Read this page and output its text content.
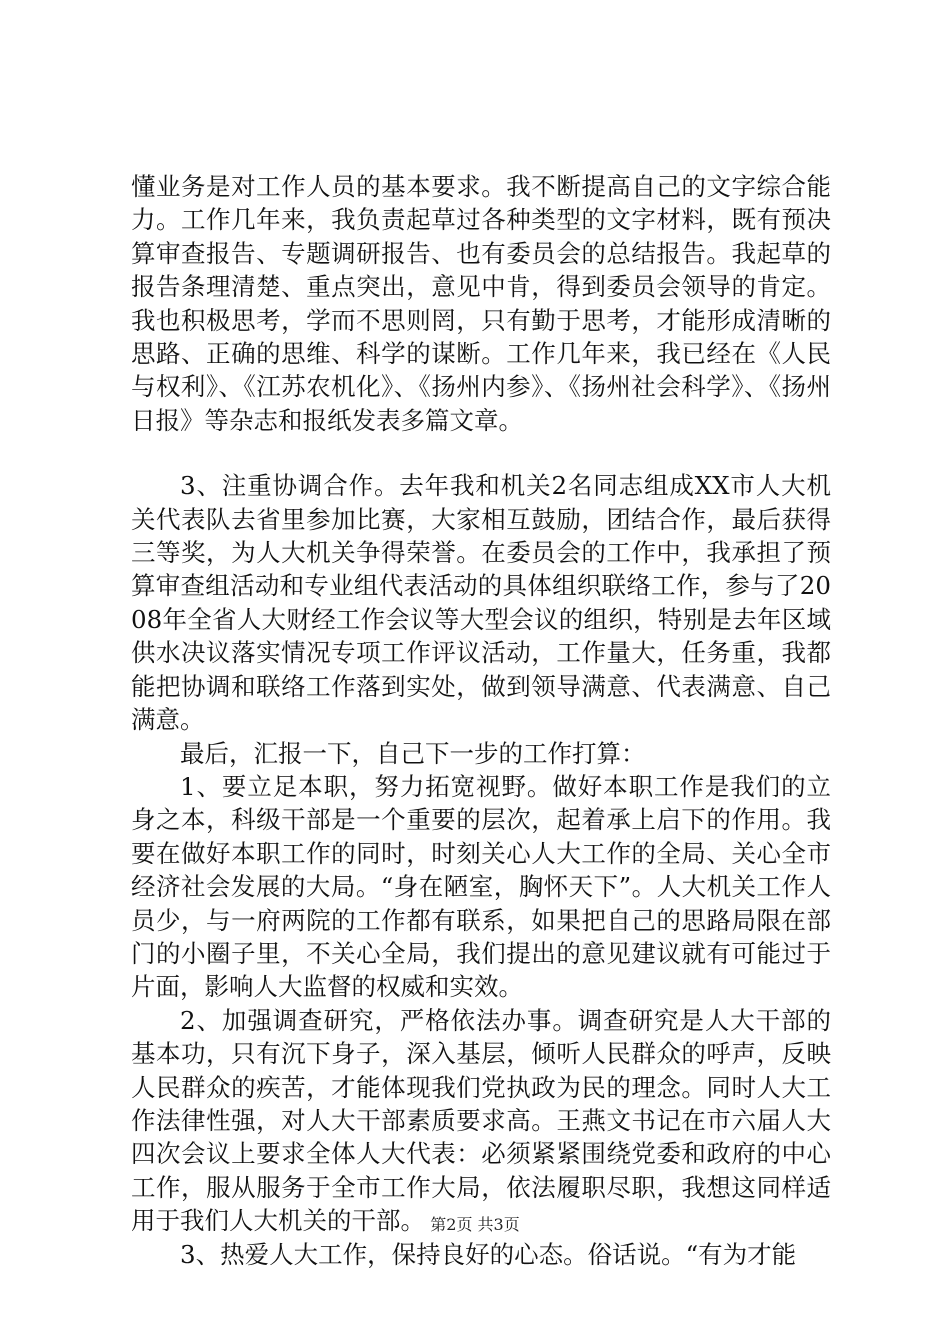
懂业务是对工作人员的基本要求。我不断提高自己的文字综合能力。工作几年来，我负责起草过各种类型的文字材料，既有预决算审查报告、专题调研报告、也有委员会的总结报告。我起草的报告条理清楚、重点突出，意见中肯，得到委员会领导的肯定。我也积极思考，学而不思则罔，只有勤于思考，才能形成清晰的思路、正确的思维、科学的谋断。工作几年来，我已经在《人民与权利》、《江苏农机化》、《扬州内参》、《扬州社会科学》、《扬州日报》等杂志和报纸发表多篇文章。

3、注重协调合作。去年我和机关2名同志组成XX市人大机关代表队去省里参加比赛，大家相互鼓励，团结合作，最后获得三等奖，为人大机关争得荣誉。在委员会的工作中，我承担了预算审查组活动和专业组代表活动的具体组织联络工作，参与了2008年全省人大财经工作会议等大型会议的组织，特别是去年区域供水决议落实情况专项工作评议活动，工作量大，任务重，我都能把协调和联络工作落到实处，做到领导满意、代表满意、自己满意。

最后，汇报一下，自己下一步的工作打算：

1、要立足本职，努力拓宽视野。做好本职工作是我们的立身之本，科级干部是一个重要的层次，起着承上启下的作用。我要在做好本职工作的同时，时刻关心人大工作的全局、关心全市经济社会发展的大局。“身在陋室，胸怀天下”。人大机关工作人员少，与一府两院的工作都有联系，如果把自己的思路局限在部门的小圈子里，不关心全局，我们提出的意见建议就有可能过于片面，影响人大监督的权威和实效。

2、加强调查研究，严格依法办事。调查研究是人大干部的基本功，只有沉下身子，深入基层，倾听人民群众的呼声，反映人民群众的疾苦，才能体现我们党执政为民的理念。同时人大工作法律性强，对人大干部素质要求高。王燕文书记在市六届人大四次会议上要求全体人大代表：必须紧紧围绕党委和政府的中心工作，服从服务于全市工作大局，依法履职尽职，我想这同样适用于我们人大机关的干部。

3、热爱人大工作，保持良好的心态。俗话说。“有为才能

第2页 共3页
